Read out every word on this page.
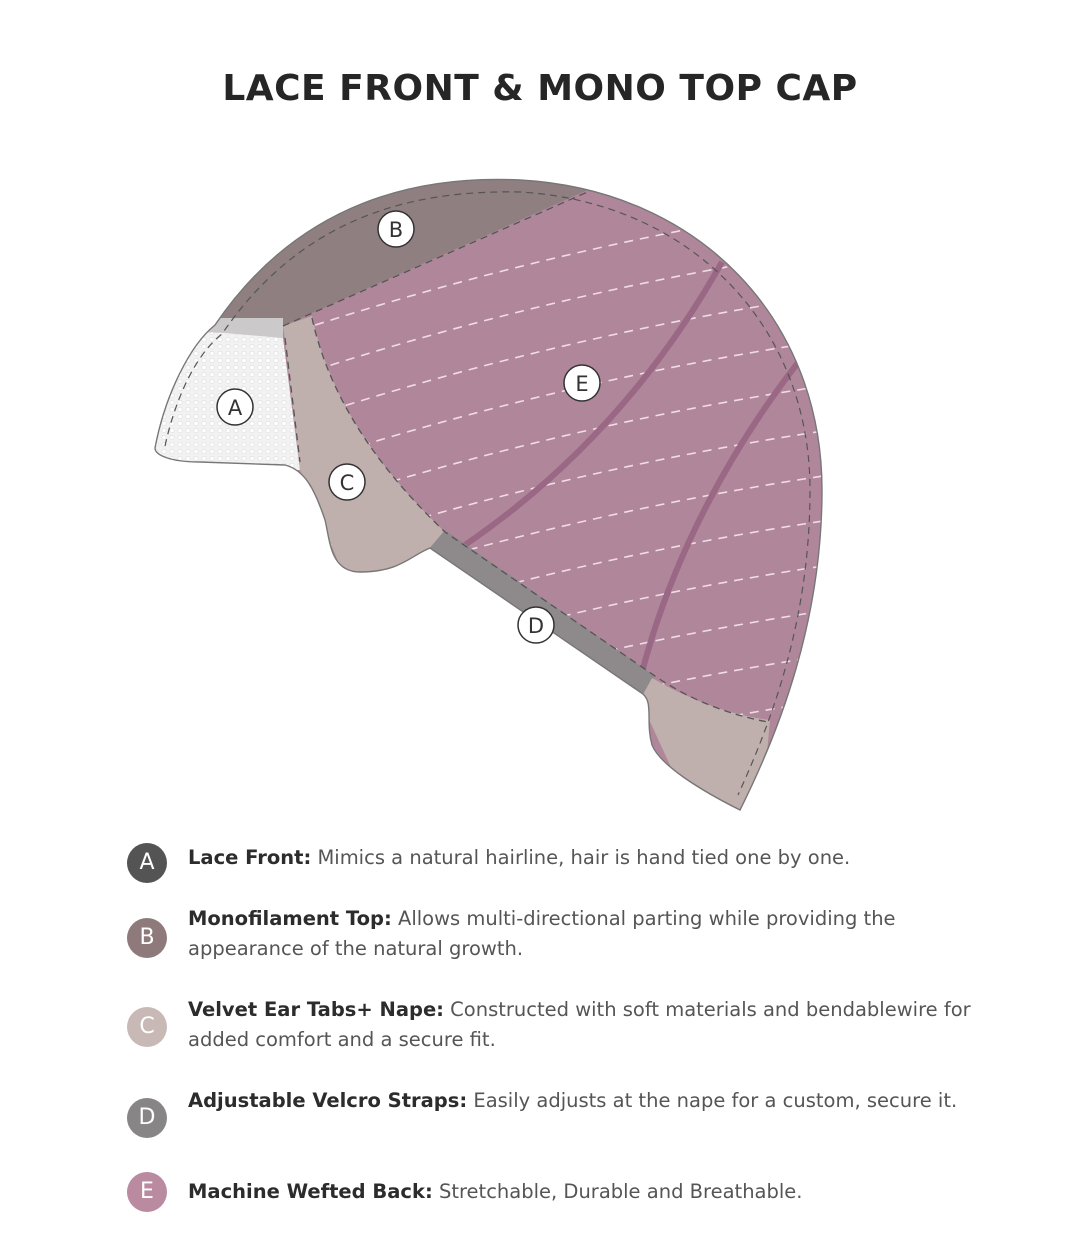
LACE FRONT & MONO TOP CAP
B
E
A
C
D
A	Lace Front: Mimics a natural hairline, hair is hand tied one by one.
B
Monofilament Top: Allows multi-directional parting while providing the appearance of the natural growth.
C
Velvet Ear Tabs+ Nape: Constructed with soft materials and bendablewire for added comfort and a secure fit.
D
Adjustable Velcro Straps: Easily adjusts at the nape for a custom, secure it.
E	Machine Wefted Back: Stretchable, Durable and Breathable.
